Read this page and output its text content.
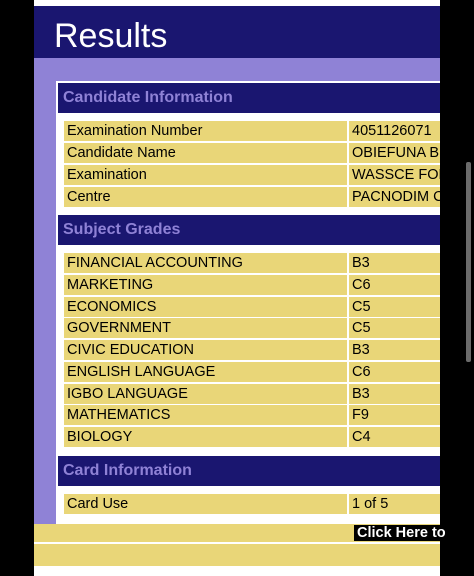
Results
Candidate Information
Examination Number	4051126071
Candidate Name	OBIEFUNA BE
Examination	WASSCE FOR
Centre	PACNODIM CO
Subject Grades
FINANCIAL ACCOUNTING	B3
MARKETING	C6
ECONOMICS	C5
GOVERNMENT	C5
CIVIC EDUCATION	B3
ENGLISH LANGUAGE	C6
IGBO LANGUAGE	B3
MATHEMATICS	F9
BIOLOGY	C4
Card Information
Card Use	1 of 5
Click Here to
